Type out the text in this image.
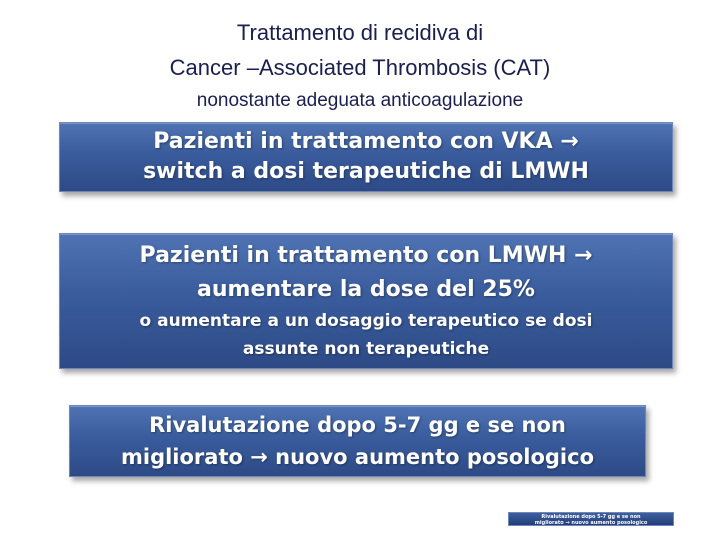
Trattamento di recidiva di
Cancer –Associated Thrombosis (CAT)
nonostante adeguata anticoagulazione
Pazienti in trattamento con VKA →
switch a dosi terapeutiche di LMWH
Pazienti in trattamento con LMWH →
aumentare la dose del 25%
o aumentare a un dosaggio terapeutico se dosi
assunte non terapeutiche
Rivalutazione dopo 5-7 gg e se non
migliorato → nuovo aumento posologico
Rivalutazione dopo 5-7 gg e se non
migliorato → nuovo aumento posologico
